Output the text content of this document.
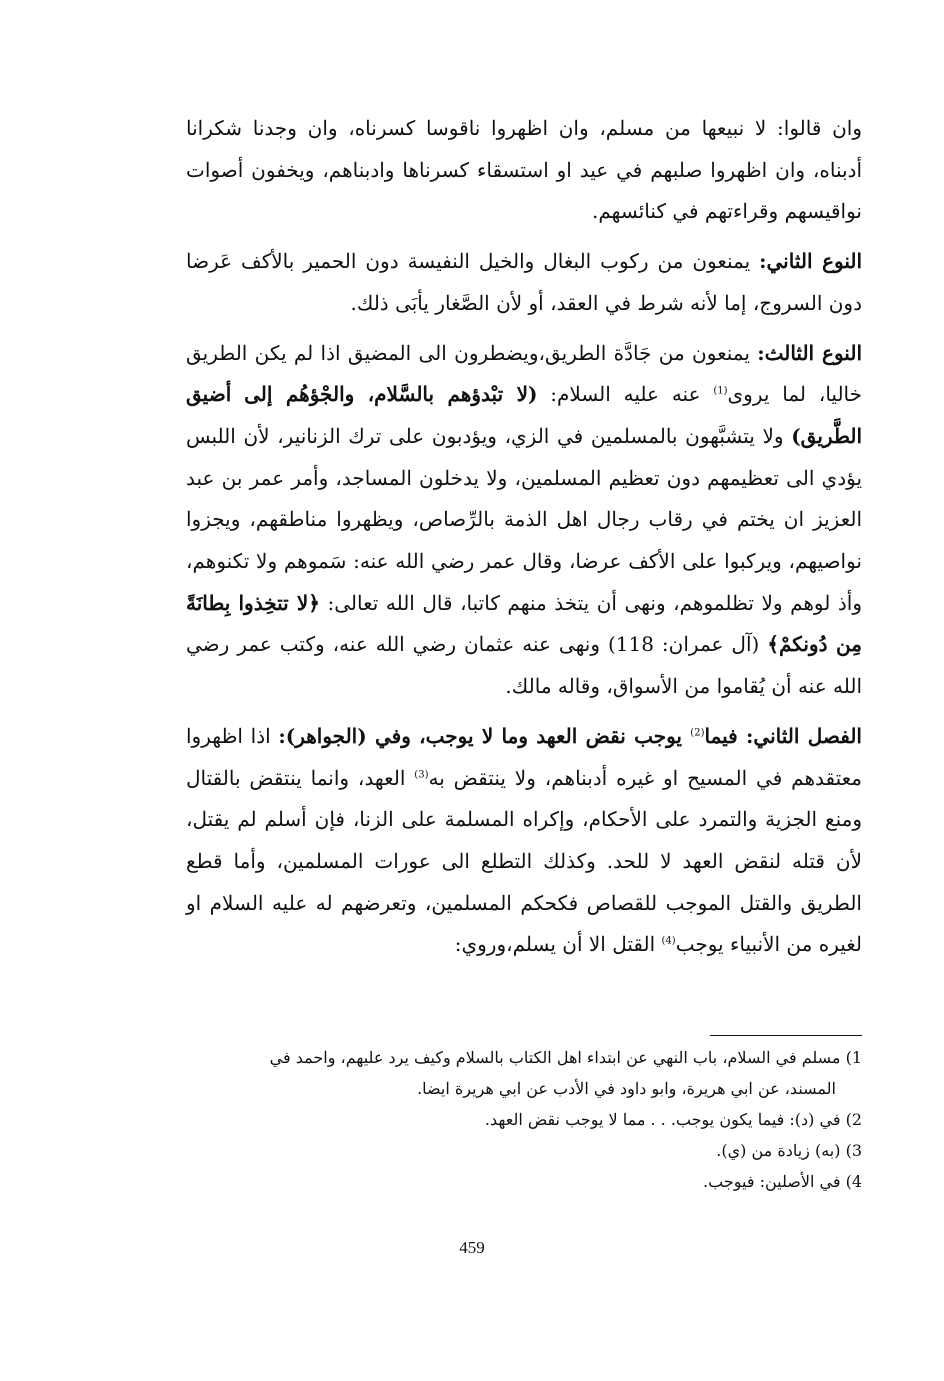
وان قالوا: لا نبيعها من مسلم، وان اظهروا ناقوسا كسرناه، وان وجدنا شكرانا أدبناه، وان اظهروا صلبهم في عيد او استسقاء كسرناها وادبناهم، ويخفون أصوات نواقيسهم وقراءتهم في كنائسهم.

النوع الثاني: يمنعون من ركوب البغال والخيل النفيسة دون الحمير بالأكف عَرضا دون السروج، إما لأنه شرط في العقد، أو لأن الصَّغار يأبَى ذلك.

النوع الثالث: يمنعون من جَادَّة الطريق،ويضطرون الى المضيق اذا لم يكن الطريق خاليا، لما يروى$^{(1)}$ عنه عليه السلام: (لا تبْدؤهم بالسَّلام، والجْؤهُم إلى أضيق الطَّريق) ولا يتشبَّهون بالمسلمين في الزي، ويؤدبون على ترك الزنانير، لأن اللبس يؤدي الى تعظيمهم دون تعظيم المسلمين، ولا يدخلون المساجد، وأمر عمر بن عبد العزيز ان يختم في رقاب رجال اهل الذمة بالرِّصاص، ويظهروا مناطقهم، ويجزوا نواصيهم، ويركبوا على الأكف عرضا، وقال عمر رضي الله عنه: سَموهم ولا تكنوهم، وأذ لوهم ولا تظلموهم، ونهى أن يتخذ منهم كاتبا، قال الله تعالى: ﴿لا تتخِذوا بِطانَةً مِن دُونكمْ﴾ (آل عمران: 118) ونهى عنه عثمان رضي الله عنه، وكتب عمر رضي الله عنه أن يُقاموا من الأسواق، وقاله مالك.

الفصل الثاني: فيما$^{(2)}$ يوجب نقض العهد وما لا يوجب، وفي (الجواهر): اذا اظهروا معتقدهم في المسيح او غيره أدبناهم، ولا ينتقض به$^{(3)}$ العهد، وانما ينتقض بالقتال ومنع الجزية والتمرد على الأحكام، وإكراه المسلمة على الزنا، فإن أسلم لم يقتل، لأن قتله لنقض العهد لا للحد. وكذلك التطلع الى عورات المسلمين، وأما قطع الطريق والقتل الموجب للقصاص فكحكم المسلمين، وتعرضهم له عليه السلام او لغيره من الأنبياء يوجب$^{(4)}$ القتل الا أن يسلم،وروي:

1) مسلم في السلام، باب النهي عن ابتداء اهل الكتاب بالسلام وكيف يرد عليهم، واحمد في

المسند، عن ابي هريرة، وابو داود في الأدب عن ابي هريرة ايضا.

2) في (د): فيما يكون يوجب. . . مما لا يوجب نقض العهد.

3) (به) زيادة من (ي).

4) في الأصلين: فيوجب.

459
